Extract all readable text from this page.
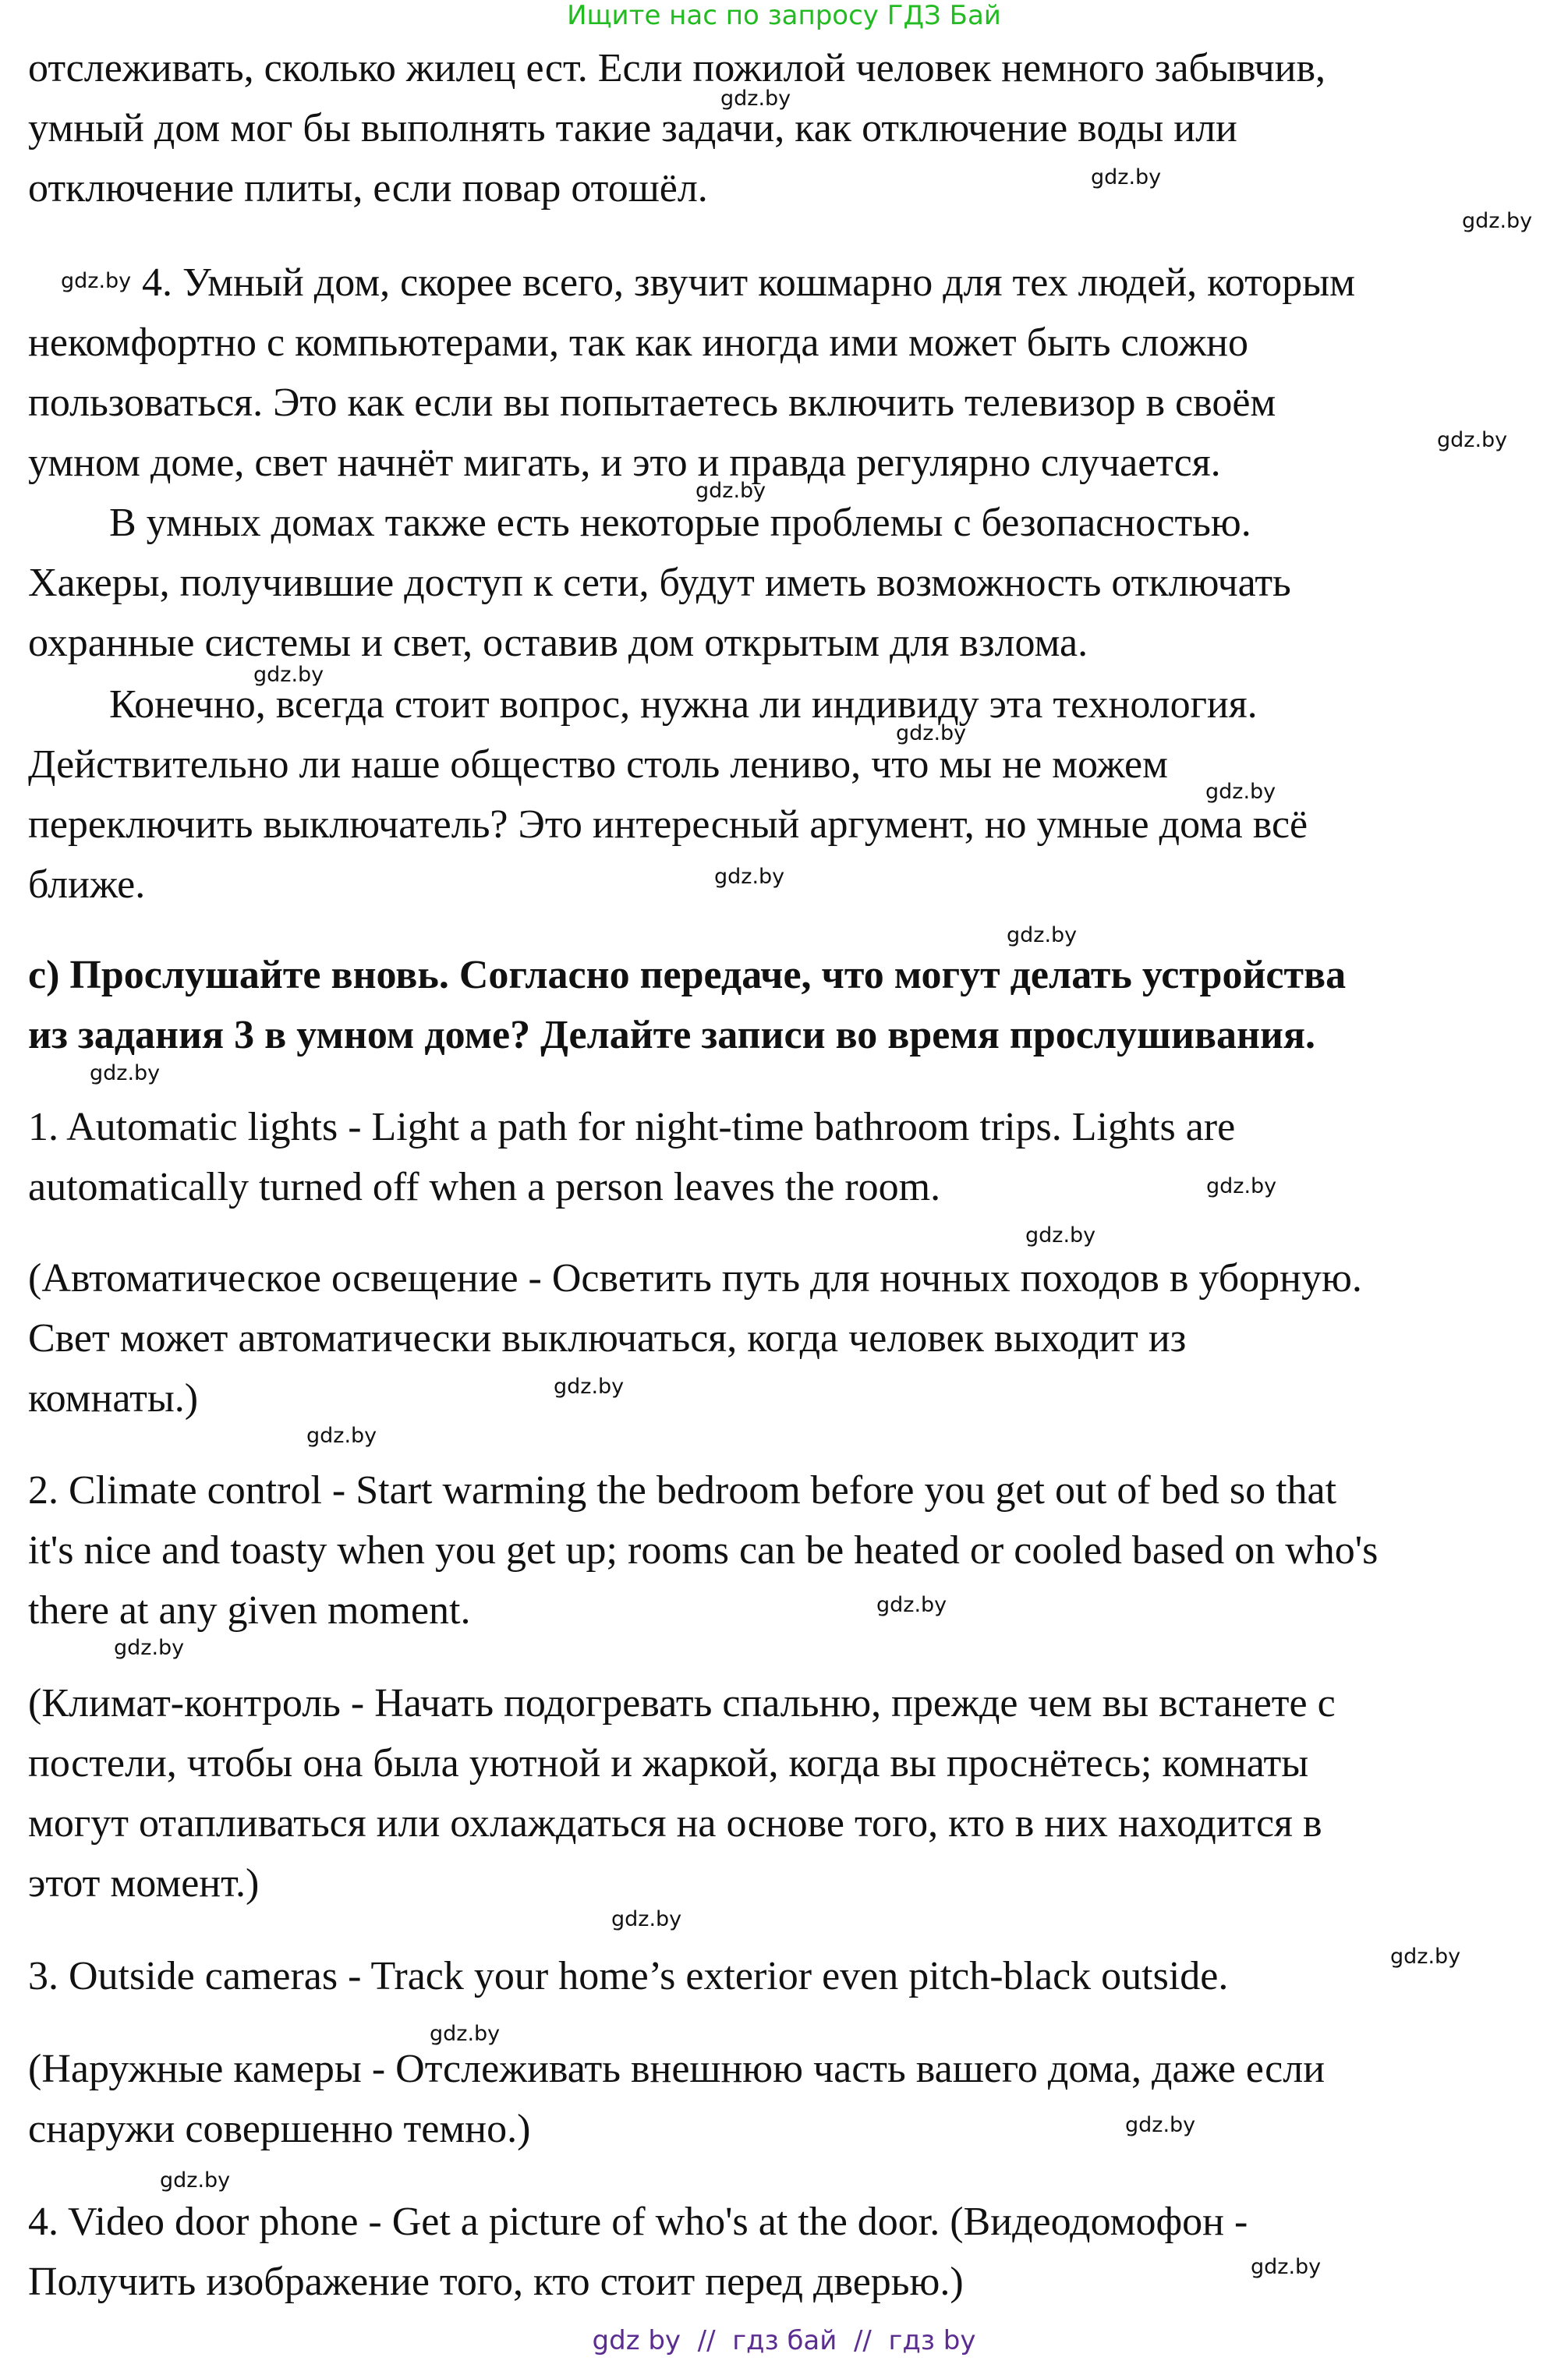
Ищите нас по запросу ГДЗ Бай
отслеживать, сколько жилец ест. Если пожилой человек немного забывчив,
умный дом мог бы выполнять такие задачи, как отключение воды или
отключение плиты, если повар отошёл.
4. Умный дом, скорее всего, звучит кошмарно для тех людей, которым
некомфортно с компьютерами, так как иногда ими может быть сложно
пользоваться. Это как если вы попытаетесь включить телевизор в своём
умном доме, свет начнёт мигать, и это и правда регулярно случается.
В умных домах также есть некоторые проблемы с безопасностью.
Хакеры, получившие доступ к сети, будут иметь возможность отключать
охранные системы и свет, оставив дом открытым для взлома.
Конечно, всегда стоит вопрос, нужна ли индивиду эта технология.
Действительно ли наше общество столь лениво, что мы не можем
переключить выключатель? Это интересный аргумент, но умные дома всё
ближе.
c) Прослушайте вновь. Согласно передаче, что могут делать устройства
из задания 3 в умном доме? Делайте записи во время прослушивания.
1. Automatic lights - Light a path for night-time bathroom trips. Lights are
automatically turned off when a person leaves the room.
(Автоматическое освещение - Осветить путь для ночных походов в уборную.
Свет может автоматически выключаться, когда человек выходит из
комнаты.)
2. Climate control - Start warming the bedroom before you get out of bed so that
it's nice and toasty when you get up; rooms can be heated or cooled based on who's
there at any given moment.
(Климат-контроль - Начать подогревать спальню, прежде чем вы встанете с
постели, чтобы она была уютной и жаркой, когда вы проснётесь; комнаты
могут отапливаться или охлаждаться на основе того, кто в них находится в
этот момент.)
3. Outside cameras - Track your home’s exterior even pitch-black outside.
(Наружные камеры - Отслеживать внешнюю часть вашего дома, даже если
снаружи совершенно темно.)
4. Video door phone - Get a picture of who's at the door. (Видеодомофон -
Получить изображение того, кто стоит перед дверью.)
gdz.by
gdz.by
gdz.by
gdz.by
gdz.by
gdz.by
gdz.by
gdz.by
gdz.by
gdz.by
gdz.by
gdz.by
gdz.by
gdz.by
gdz.by
gdz.by
gdz.by
gdz.by
gdz.by
gdz.by
gdz.by
gdz.by
gdz.by
gdz.by
gdz by  //  гдз бай  //  гдз by
